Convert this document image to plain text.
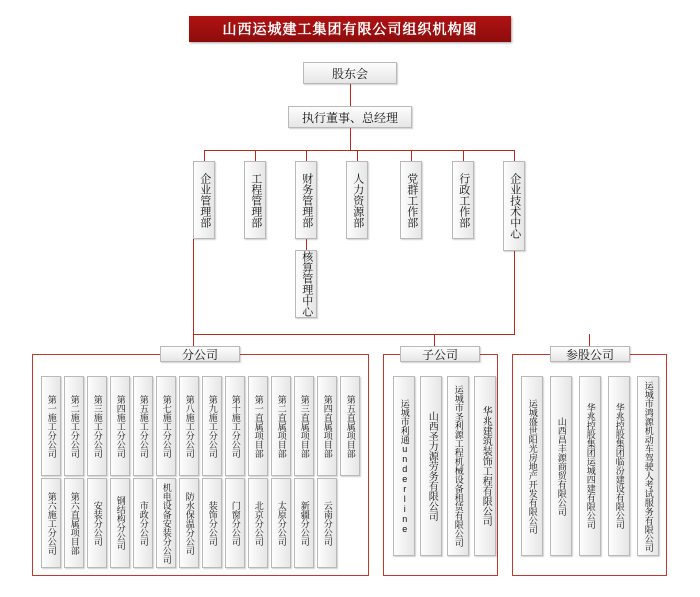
山西运城建工集团有限公司组织机构图
股东会
执行董事、总经理
企业管理部	工程管理部	财务管理部	人力资源部	党群工作部	行政工作部	企业技术中心
核算管理中心
分公司
第一施工分公司	第二施工分公司	第三施工分公司	第四施工分公司	第五施工分公司	第七施工分公司	第八施工分公司	第九施工分公司	第十施工分公司	第一直属项目部	第二直属项目部	第三直属项目部	第四直属项目部	第五直属项目部
第六施工分公司	第六直属项目部	安装分公司	钢结构分公司	市政分公司	机电设备安装分公司	防水保温分公司	装饰分公司	门窗分公司	北京分公司	太原分公司	新疆分公司	云南分公司
子公司
运城市利通underline	山西圣力源劳务有限公司	运城市圣利源工程机械设备租赁有限公司	华兆建筑装饰工程有限公司
参股公司
运城盛世阳光房地产开发有限公司	山西昌丰源商贸有限公司	华兆控股集团运城四建有限公司	华兆控股集团临汾建设有限公司	运城市鸿源机动车驾驶人考试服务有限公司
